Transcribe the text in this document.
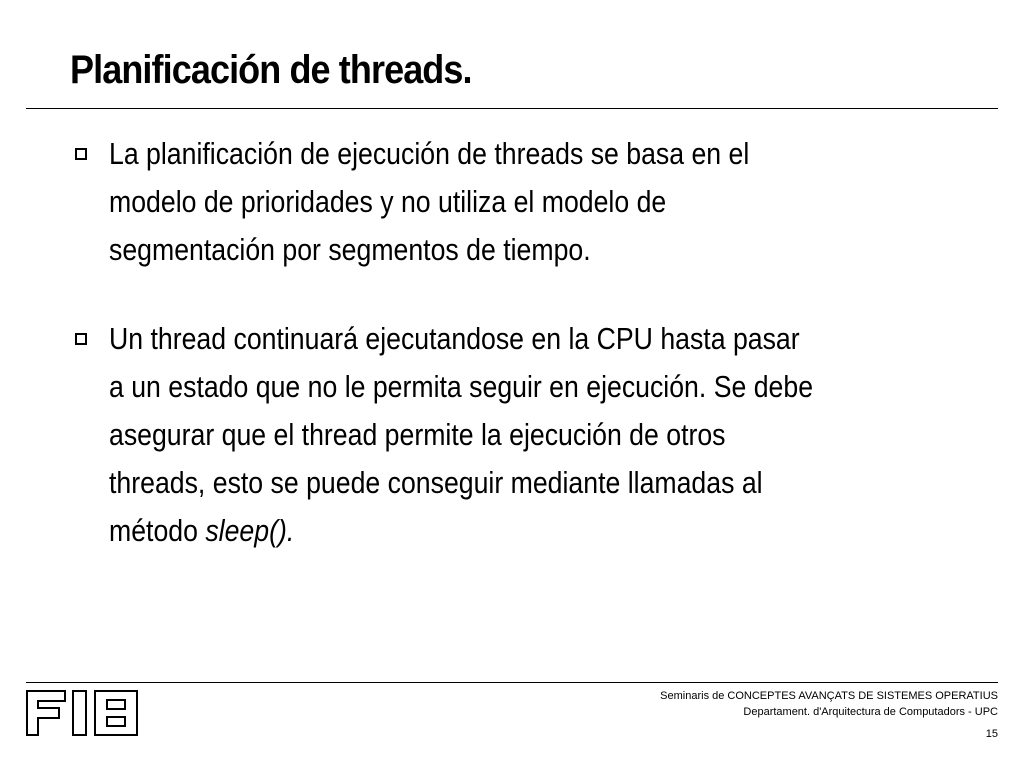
Planificación de threads.
La planificación de ejecución de threads se basa en el
modelo de prioridades y no utiliza el modelo de
segmentación por segmentos de tiempo.
Un thread continuará ejecutandose en la CPU hasta pasar
a un estado que no le permita seguir en ejecución. Se debe
asegurar que el thread permite la ejecución de otros
threads, esto se puede conseguir mediante llamadas al
método sleep().
Seminaris de CONCEPTES AVANÇATS DE SISTEMES OPERATIUS
Departament. d'Arquitectura de Computadors - UPC
15
